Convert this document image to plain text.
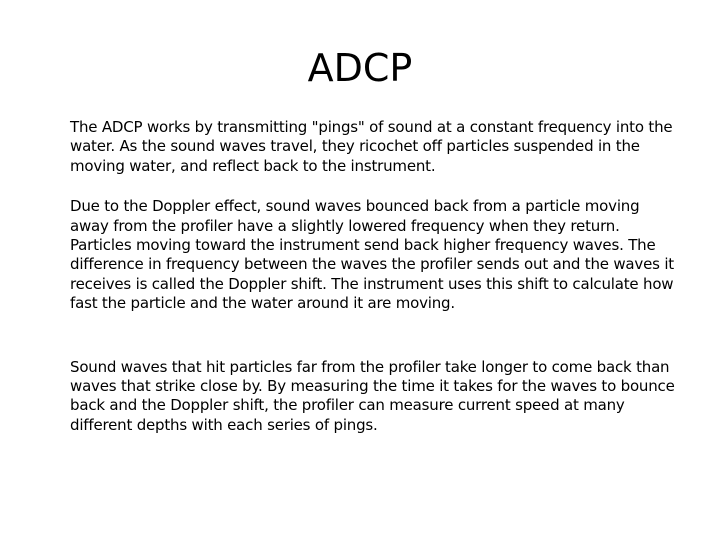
ADCP

The ADCP works by transmitting "pings" of sound at a constant frequency into the water. As the sound waves travel, they ricochet off particles suspended in the moving water, and reflect back to the instrument.

Due to the Doppler effect, sound waves bounced back from a particle moving away from the profiler have a slightly lowered frequency when they return. Particles moving toward the instrument send back higher frequency waves. The difference in frequency between the waves the profiler sends out and the waves it receives is called the Doppler shift. The instrument uses this shift to calculate how fast the particle and the water around it are moving.

Sound waves that hit particles far from the profiler take longer to come back than waves that strike close by. By measuring the time it takes for the waves to bounce back and the Doppler shift, the profiler can measure current speed at many different depths with each series of pings.
